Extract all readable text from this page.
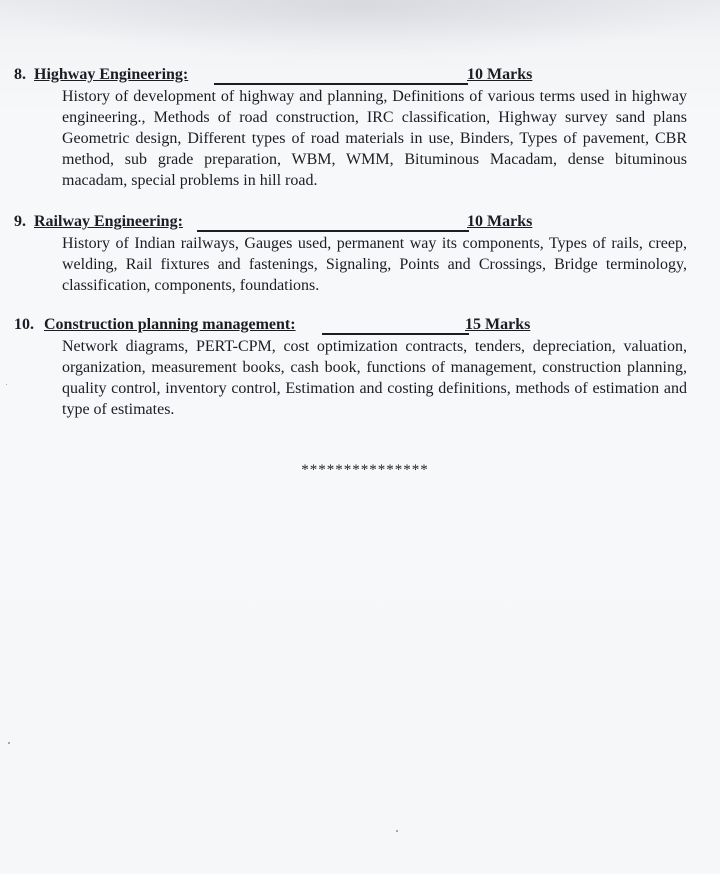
8. Highway Engineering:	10 Marks

History of development of highway and planning, Definitions of various terms used in highway engineering., Methods of road construction, IRC classification, Highway survey sand plans Geometric design, Different types of road materials in use, Binders, Types of pavement, CBR method, sub grade preparation, WBM, WMM, Bituminous Macadam, dense bituminous macadam, special problems in hill road.

9. Railway Engineering:	10 Marks

History of Indian railways, Gauges used, permanent way its components, Types of rails, creep, welding, Rail fixtures and fastenings, Signaling, Points and Crossings, Bridge terminology, classification, components, foundations.

10. Construction planning management:	15 Marks

Network diagrams, PERT-CPM, cost optimization contracts, tenders, depreciation, valuation, organization, measurement books, cash book, functions of management, construction planning, quality control, inventory control, Estimation and costing definitions, methods of estimation and type of estimates.

***************
